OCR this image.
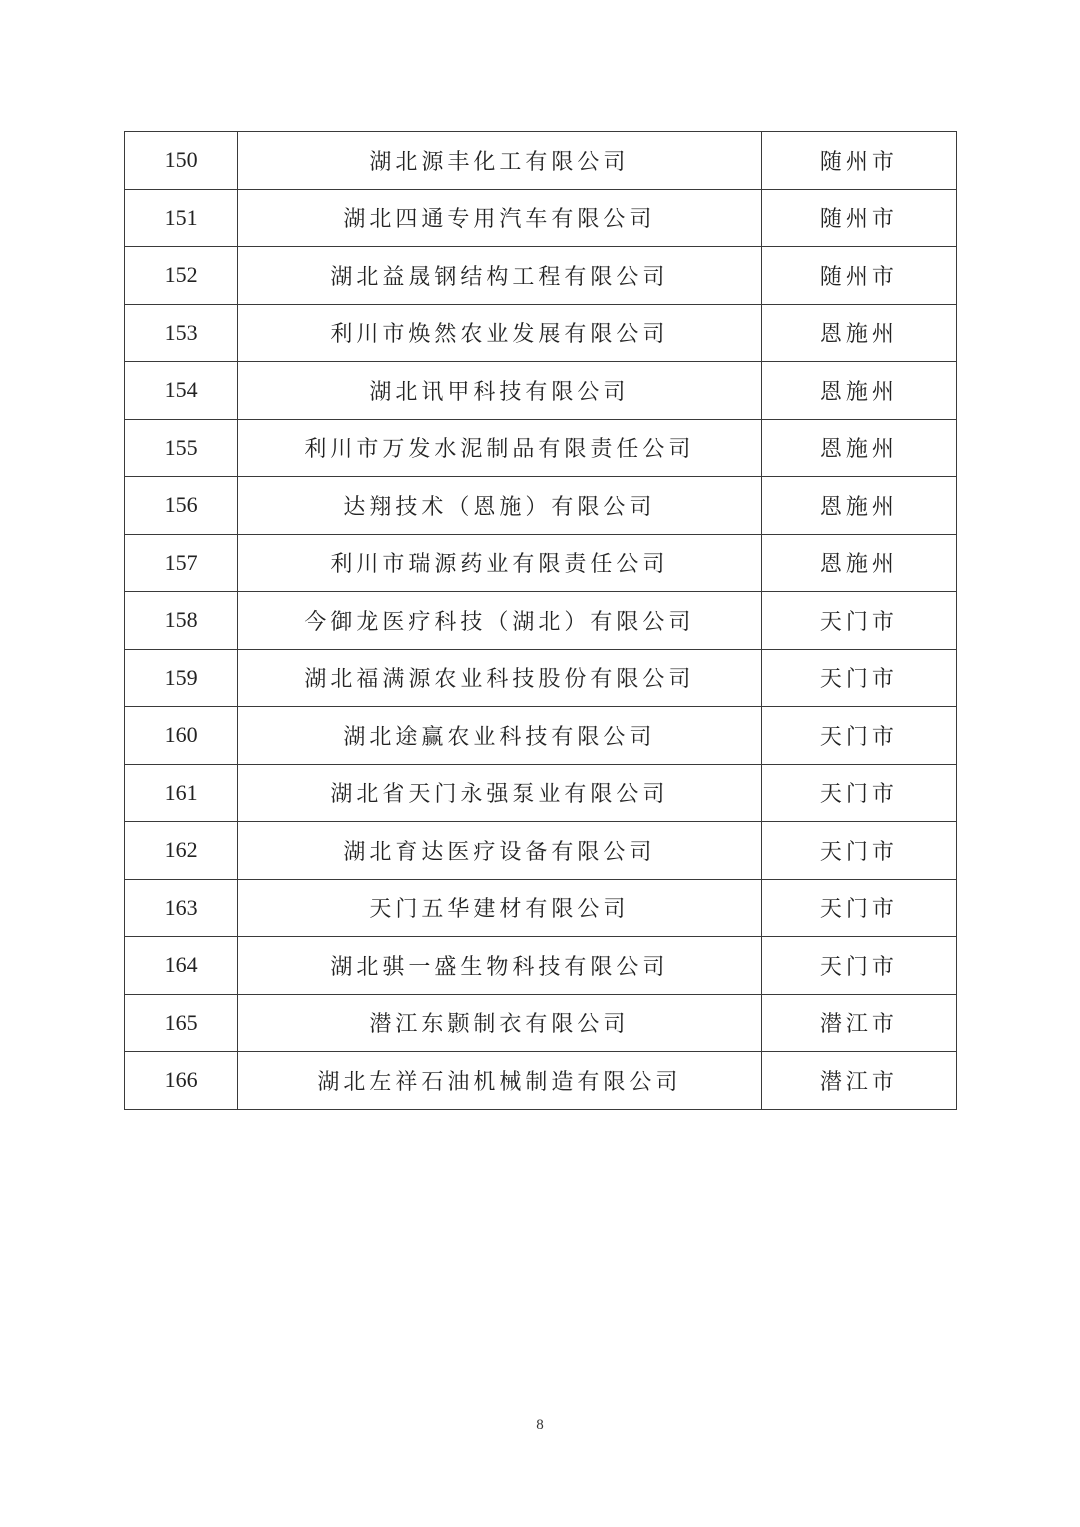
150	湖北源丰化工有限公司	随州市
151	湖北四通专用汽车有限公司	随州市
152	湖北益晟钢结构工程有限公司	随州市
153	利川市焕然农业发展有限公司	恩施州
154	湖北讯甲科技有限公司	恩施州
155	利川市万发水泥制品有限责任公司	恩施州
156	达翔技术（恩施）有限公司	恩施州
157	利川市瑞源药业有限责任公司	恩施州
158	今御龙医疗科技（湖北）有限公司	天门市
159	湖北福满源农业科技股份有限公司	天门市
160	湖北途赢农业科技有限公司	天门市
161	湖北省天门永强泵业有限公司	天门市
162	湖北育达医疗设备有限公司	天门市
163	天门五华建材有限公司	天门市
164	湖北骐一盛生物科技有限公司	天门市
165	潜江东颢制衣有限公司	潜江市
166	湖北左祥石油机械制造有限公司	潜江市
8
